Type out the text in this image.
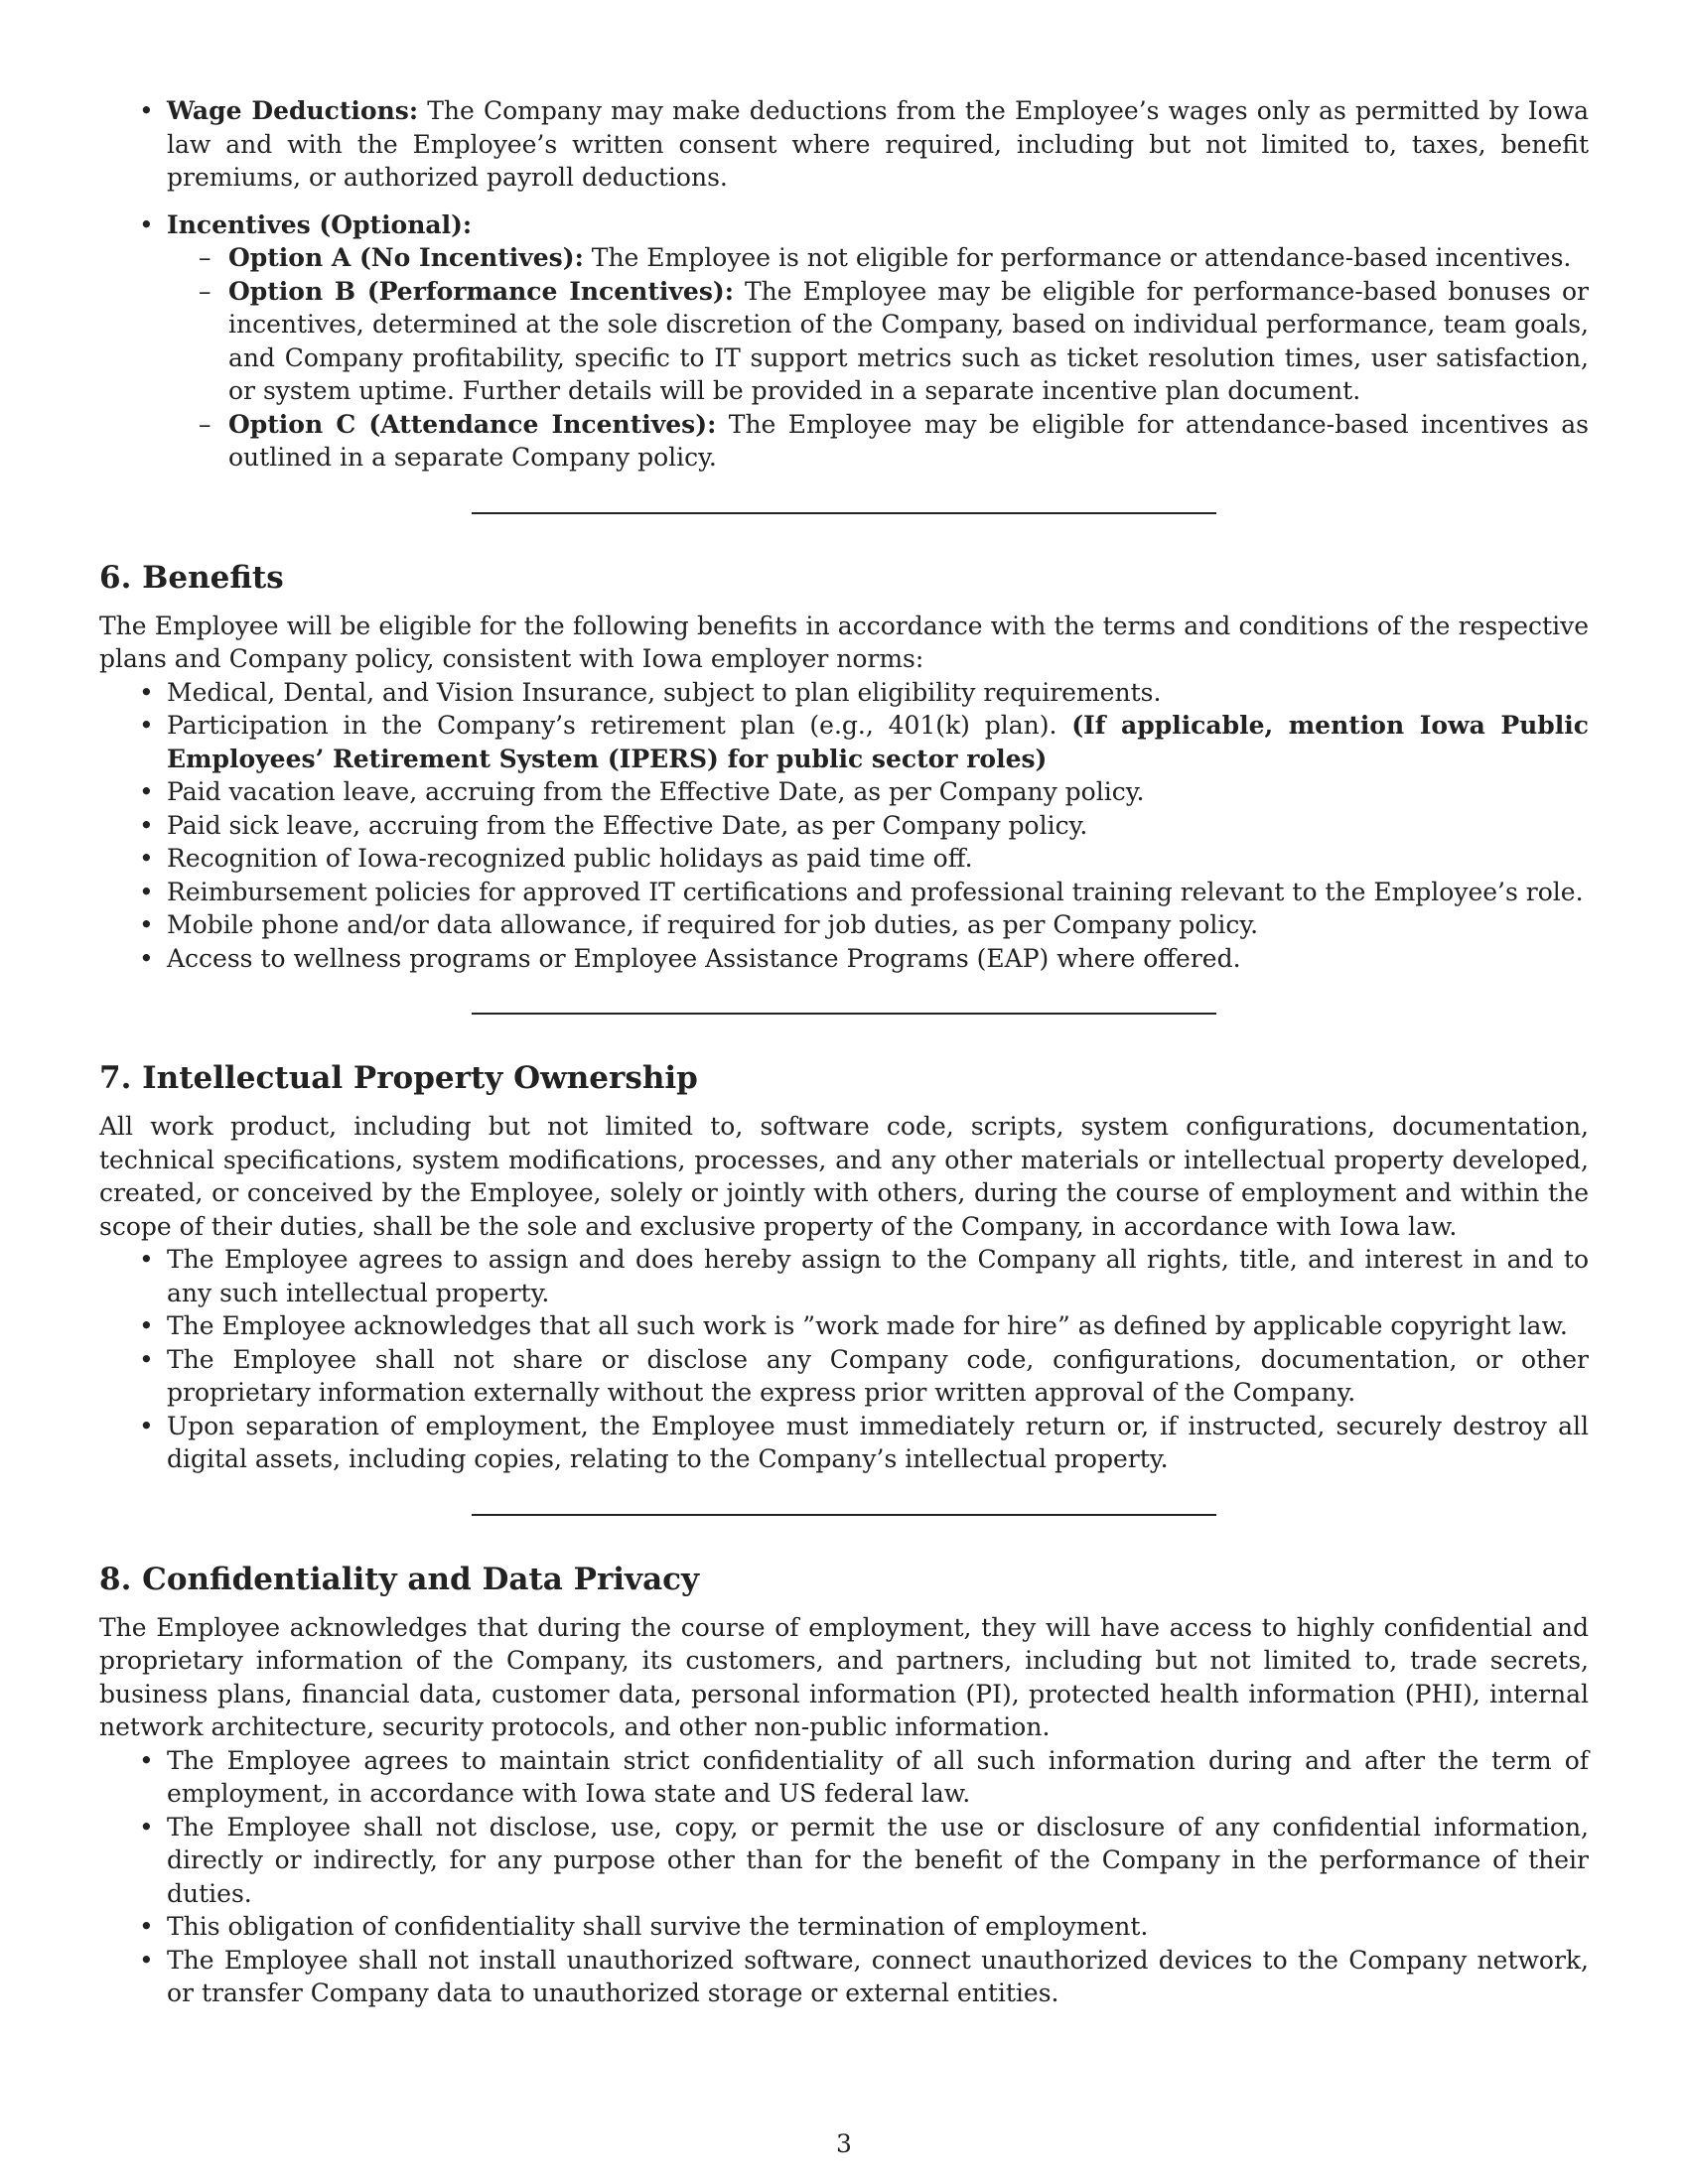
• Wage Deductions: The Company may make deductions from the Employee’s wages only as permitted by Iowa law and with the Employee’s written consent where required, including but not limited to, taxes, benefit premiums, or authorized payroll deductions.
• Incentives (Optional):
– Option A (No Incentives): The Employee is not eligible for performance or attendance-based incentives.
– Option B (Performance Incentives): The Employee may be eligible for performance-based bonuses or incentives, determined at the sole discretion of the Company, based on individual performance, team goals, and Company profitability, specific to IT support metrics such as ticket resolution times, user satisfaction, or system uptime. Further details will be provided in a separate incentive plan document.
– Option C (Attendance Incentives): The Employee may be eligible for attendance-based incentives as outlined in a separate Company policy.
6. Benefits

The Employee will be eligible for the following benefits in accordance with the terms and conditions of the respective plans and Company policy, consistent with Iowa employer norms:

• Medical, Dental, and Vision Insurance, subject to plan eligibility requirements.
• Participation in the Company’s retirement plan (e.g., 401(k) plan). (If applicable, mention Iowa Public Employees’ Retirement System (IPERS) for public sector roles)
• Paid vacation leave, accruing from the Effective Date, as per Company policy.
• Paid sick leave, accruing from the Effective Date, as per Company policy.
• Recognition of Iowa-recognized public holidays as paid time off.
• Reimbursement policies for approved IT certifications and professional training relevant to the Employee’s role.
• Mobile phone and/or data allowance, if required for job duties, as per Company policy.
• Access to wellness programs or Employee Assistance Programs (EAP) where offered.
7. Intellectual Property Ownership

All work product, including but not limited to, software code, scripts, system configurations, documentation, technical specifications, system modifications, processes, and any other materials or intellectual property developed, created, or conceived by the Employee, solely or jointly with others, during the course of employment and within the scope of their duties, shall be the sole and exclusive property of the Company, in accordance with Iowa law.

• The Employee agrees to assign and does hereby assign to the Company all rights, title, and interest in and to any such intellectual property.
• The Employee acknowledges that all such work is ”work made for hire” as defined by applicable copyright law.
• The Employee shall not share or disclose any Company code, configurations, documentation, or other proprietary information externally without the express prior written approval of the Company.
• Upon separation of employment, the Employee must immediately return or, if instructed, securely destroy all digital assets, including copies, relating to the Company’s intellectual property.
8. Confidentiality and Data Privacy

The Employee acknowledges that during the course of employment, they will have access to highly confidential and proprietary information of the Company, its customers, and partners, including but not limited to, trade secrets, business plans, financial data, customer data, personal information (PI), protected health information (PHI), internal network architecture, security protocols, and other non-public information.

• The Employee agrees to maintain strict confidentiality of all such information during and after the term of employment, in accordance with Iowa state and US federal law.
• The Employee shall not disclose, use, copy, or permit the use or disclosure of any confidential information, directly or indirectly, for any purpose other than for the benefit of the Company in the performance of their duties.
• This obligation of confidentiality shall survive the termination of employment.
• The Employee shall not install unauthorized software, connect unauthorized devices to the Company network, or transfer Company data to unauthorized storage or external entities.
3
